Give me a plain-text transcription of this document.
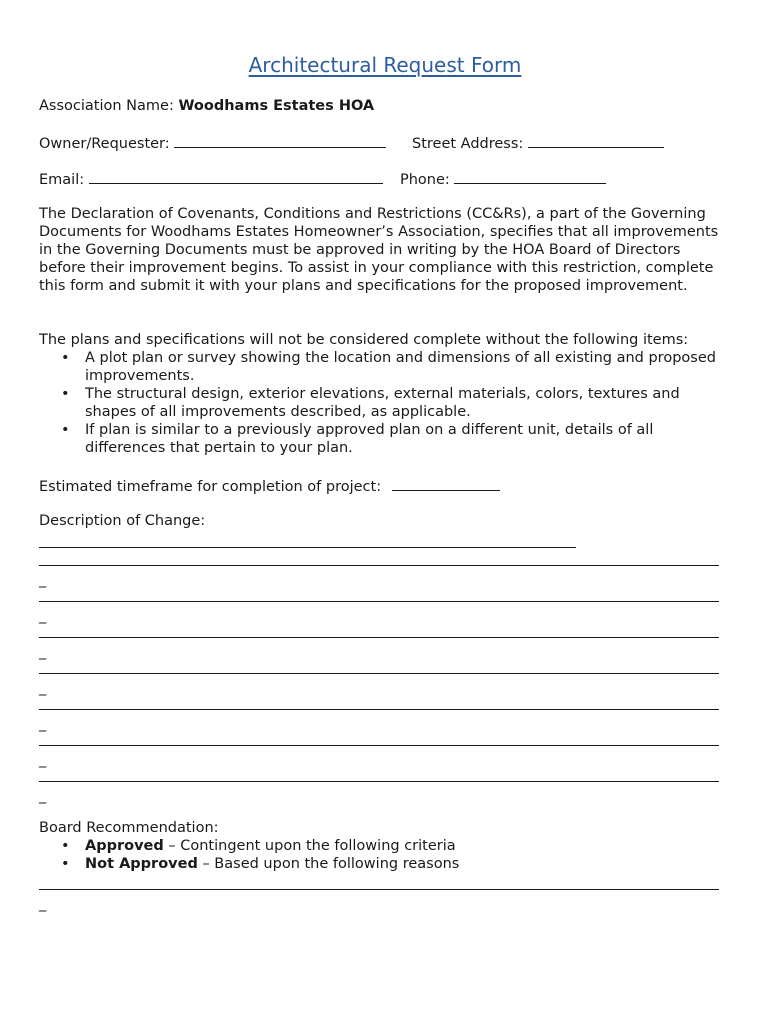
Architectural Request Form
Association Name: Woodhams Estates HOA
Owner/Requester:	Street Address:
Email:	Phone:
The Declaration of Covenants, Conditions and Restrictions (CC&Rs), a part of the Governing Documents for Woodhams Estates Homeowner’s Association, specifies that all improvements in the Governing Documents must be approved in writing by the HOA Board of Directors before their improvement begins. To assist in your compliance with this restriction, complete this form and submit it with your plans and specifications for the proposed improvement.
The plans and specifications will not be considered complete without the following items:
• A plot plan or survey showing the location and dimensions of all existing and proposed improvements.
• The structural design, exterior elevations, external materials, colors, textures and shapes of all improvements described, as applicable.
• If plan is similar to a previously approved plan on a different unit, details of all differences that pertain to your plan.
Estimated timeframe for completion of project:
Description of Change:
_
_
_
_
_
_
_
Board Recommendation:
• Approved – Contingent upon the following criteria
• Not Approved – Based upon the following reasons
_
